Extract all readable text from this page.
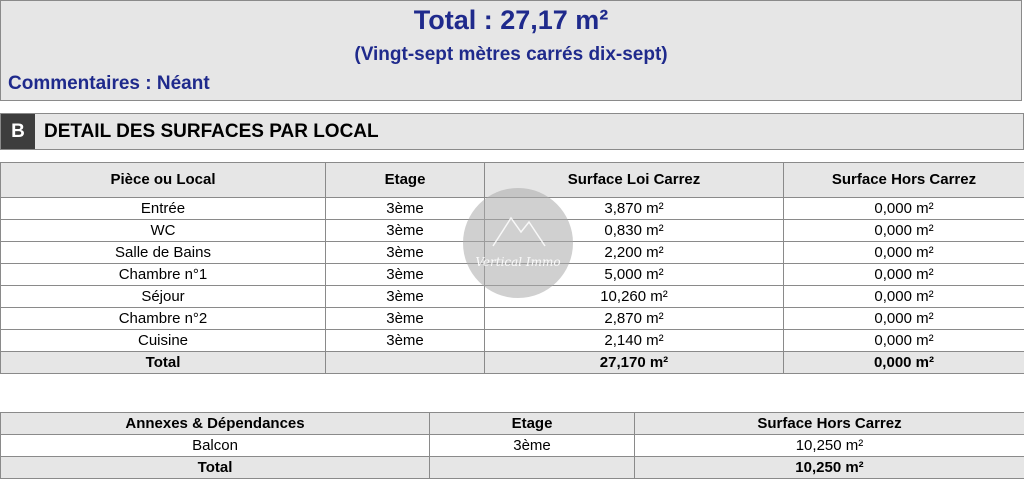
Total : 27,17 m²
(Vingt-sept mètres carrés dix-sept)
Commentaires : Néant
B	DETAIL DES SURFACES PAR LOCAL
Pièce ou Local	Etage	Surface Loi Carrez	Surface Hors Carrez
Entrée	3ème	3,870 m²	0,000 m²
WC	3ème	0,830 m²	0,000 m²
Salle de Bains	3ème	2,200 m²	0,000 m²
Chambre n°1	3ème	5,000 m²	0,000 m²
Séjour	3ème	10,260 m²	0,000 m²
Chambre n°2	3ème	2,870 m²	0,000 m²
Cuisine	3ème	2,140 m²	0,000 m²
Total		27,170 m²	0,000 m²
Annexes & Dépendances	Etage	Surface Hors Carrez
Balcon	3ème	10,250 m²
Total		10,250 m²
Vertical Immo
